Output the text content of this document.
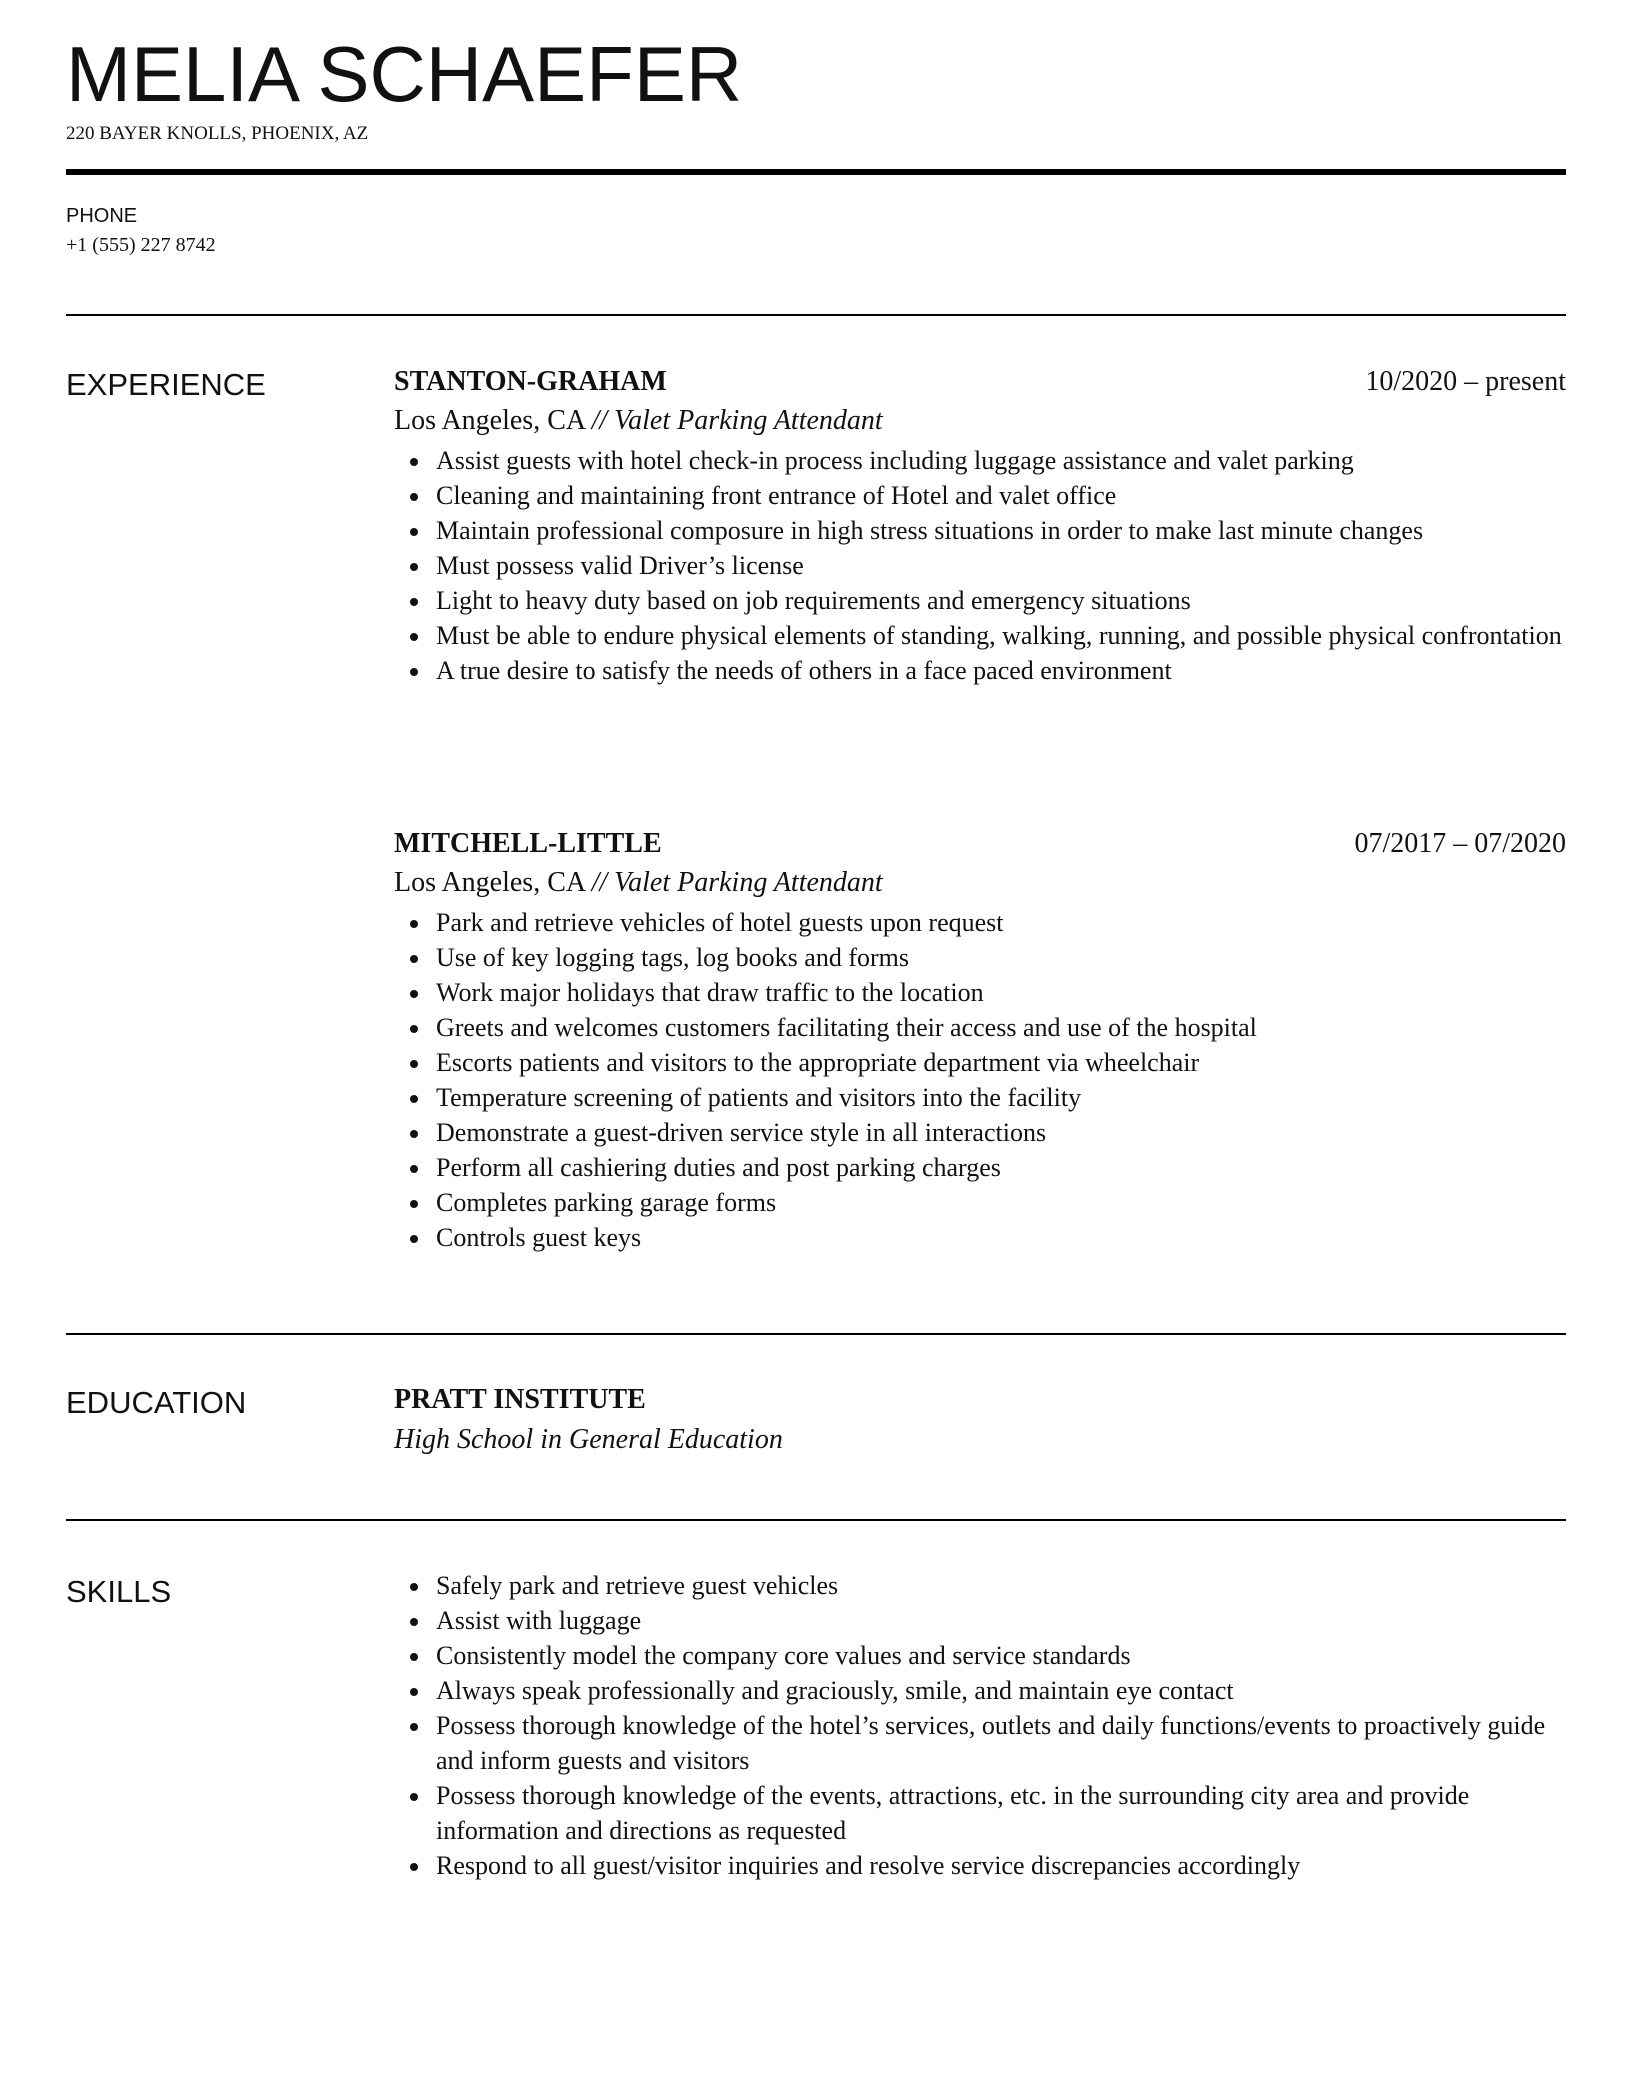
MELIA SCHAEFER
220 BAYER KNOLLS, PHOENIX, AZ
PHONE
+1 (555) 227 8742
EXPERIENCE	STANTON-GRAHAM	10/2020 – present
Los Angeles, CA // Valet Parking Attendant
Assist guests with hotel check-in process including luggage assistance and valet parking
Cleaning and maintaining front entrance of Hotel and valet office
Maintain professional composure in high stress situations in order to make last minute changes
Must possess valid Driver’s license
Light to heavy duty based on job requirements and emergency situations
Must be able to endure physical elements of standing, walking, running, and possible physical confrontation
A true desire to satisfy the needs of others in a face paced environment
MITCHELL-LITTLE	07/2017 – 07/2020
Los Angeles, CA // Valet Parking Attendant
Park and retrieve vehicles of hotel guests upon request
Use of key logging tags, log books and forms
Work major holidays that draw traffic to the location
Greets and welcomes customers facilitating their access and use of the hospital
Escorts patients and visitors to the appropriate department via wheelchair
Temperature screening of patients and visitors into the facility
Demonstrate a guest-driven service style in all interactions
Perform all cashiering duties and post parking charges
Completes parking garage forms
Controls guest keys
EDUCATION	PRATT INSTITUTE
High School in General Education
SKILLS	Safely park and retrieve guest vehicles
Assist with luggage
Consistently model the company core values and service standards
Always speak professionally and graciously, smile, and maintain eye contact
Possess thorough knowledge of the hotel’s services, outlets and daily functions/events to proactively guide and inform guests and visitors
Possess thorough knowledge of the events, attractions, etc. in the surrounding city area and provide information and directions as requested
Respond to all guest/visitor inquiries and resolve service discrepancies accordingly
